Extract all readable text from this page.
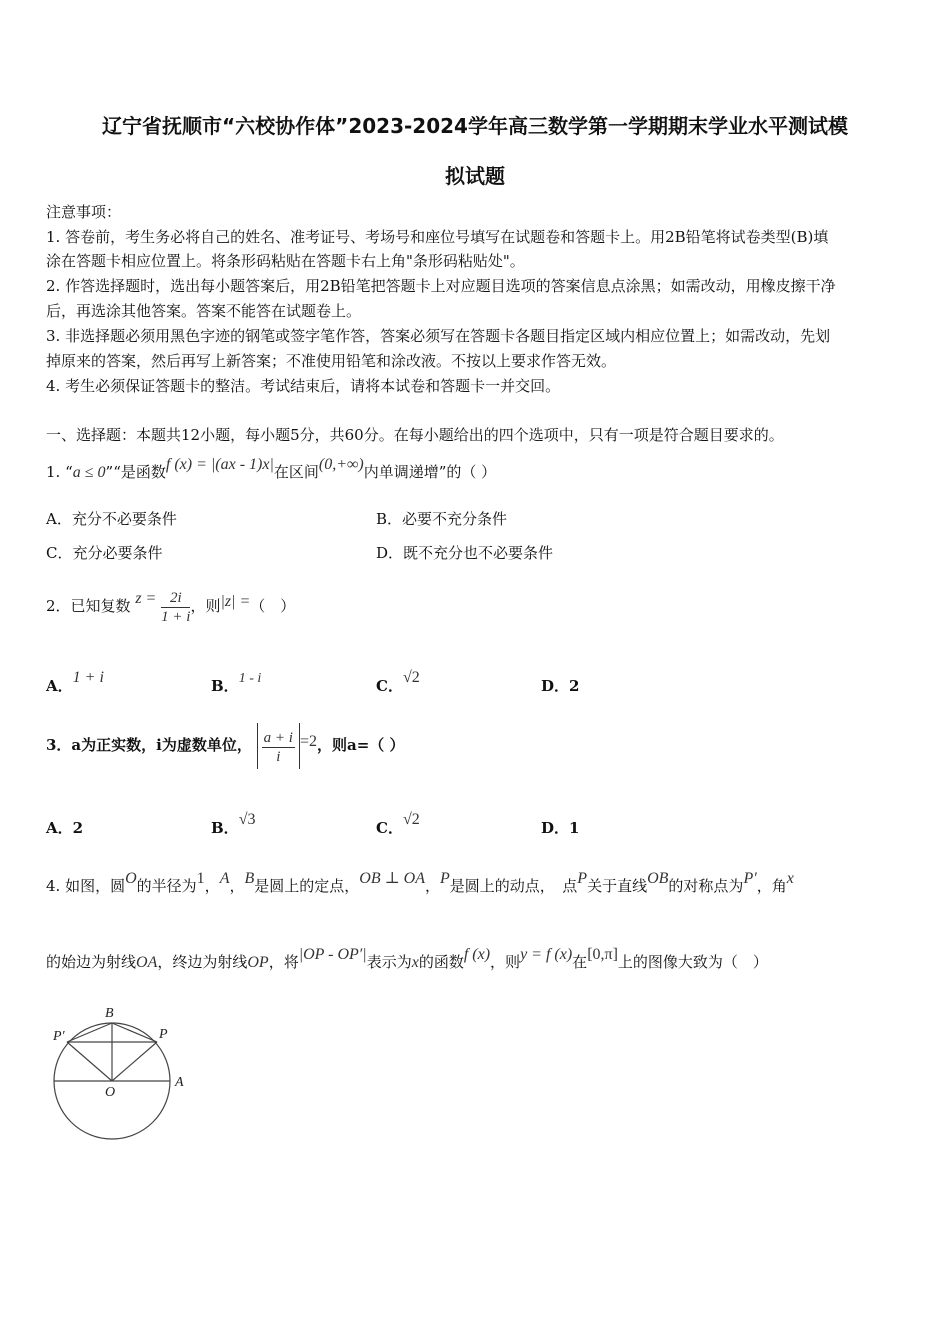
辽宁省抚顺市“六校协作体”2023-2024学年高三数学第一学期期末学业水平测试模
拟试题
注意事项：
1. 答卷前，考生务必将自己的姓名、准考证号、考场号和座位号填写在试题卷和答题卡上。用2B铅笔将试卷类型(B)填
涂在答题卡相应位置上。将条形码粘贴在答题卡右上角"条形码粘贴处"。
2. 作答选择题时，选出每小题答案后，用2B铅笔把答题卡上对应题目选项的答案信息点涂黑；如需改动，用橡皮擦干净
后，再选涂其他答案。答案不能答在试题卷上。
3. 非选择题必须用黑色字迹的钢笔或签字笔作答，答案必须写在答题卡各题目指定区域内相应位置上；如需改动，先划
掉原来的答案，然后再写上新答案；不准使用铅笔和涂改液。不按以上要求作答无效。
4. 考生必须保证答题卡的整洁。考试结束后，请将本试卷和答题卡一并交回。
一、选择题：本题共12小题，每小题5分，共60分。在每小题给出的四个选项中，只有一项是符合题目要求的。
1. “a ≤ 0”“是函数f (x) = |(ax - 1)x|在区间(0,+∞)内单调递增”的（ ）
A．充分不必要条件	B．必要不充分条件
C．充分必要条件	D．既不充分也不必要条件
2．已知复数 $z = \frac{2i}{1 + i}$ ，则|z| =（　）
A．1 + i	B．1 - i	C．√2	D．2
3．a为正实数，i为虚数单位， $\frac{a + i}{i} =2$，则a=（ ）
A．2	B．√3	C．√2	D．1
4. 如图，圆O的半径为1，A，B是圆上的定点，OB ⊥ OA，P是圆上的动点，　点P关于直线OB的对称点为P′，角x
的始边为射线OA，终边为射线OP，将|OP - OP′|表示为x的函数f (x)，则y = f (x)在[0,π]上的图像大致为（　）
B
P′	P
O
A
